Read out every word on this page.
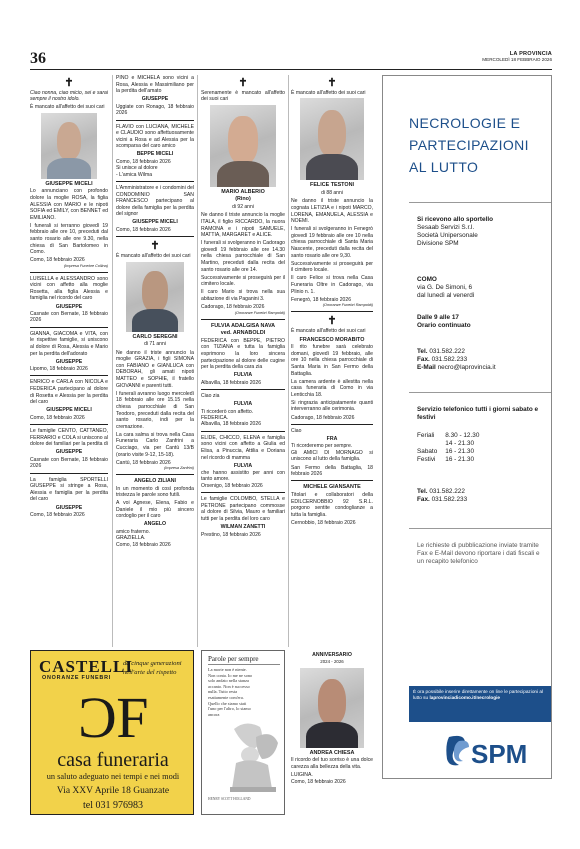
36	LA PROVINCIA
MERCOLEDÌ 18 FEBBRAIO 2026
✝

Ciao nonna, ciao micio, sei e sarai sempre il nostro idolo.

È mancato all'affetto dei suoi cari

GIUSEPPE MICELI

Lo annunciano con profondo dolore la moglie ROSA, la figlia ALESSIA con MARIO e le nipoti SOFIA ed EMILY, con BENNET ed EMILIANO.

I funerali si terranno giovedì 19 febbraio alle ore 10, preceduti dal santo rosario alle ore 9.30, nella chiesa di San Bartolomeo in Como.

Como, 18 febbraio 2026
(Impresa Funebre Collina)

LUISELLA e ALESSANDRO sono vicini con affetto alla moglie Rosetta, alla figlia Alessia e famiglia nel ricordo del caro

GIUSEPPE
Casnate con Bernate, 18 febbraio 2026

GIANNA, GIACOMA e VITA, con le rispettive famiglie, si uniscono al dolore di Rosa, Alessia e Mario per la perdita dell'adorato

GIUSEPPE
Lipomo, 18 febbraio 2026

ENRICO e CARLA con NICOLA e FEDERICA partecipano al dolore di Rosetta e Alessia per la perdita del caro

GIUSEPPE MICELI
Como, 18 febbraio 2026

Le famiglie CENTO, CATTANEO, FERRARIO e COLA si uniscono al dolore dei familiari per la perdita di

GIUSEPPE
Casnate con Bernate, 18 febbraio 2026

La famiglia SPORTELLI GIUSEPPE si stringe a Rosa, Alessia e famiglia per la perdita del caro

GIUSEPPE
Como, 18 febbraio 2026

PINO e MICHELA sono vicini a Rosa, Alessia e Massimiliano per la perdita dell'amato

GIUSEPPE
Uggiate con Ronago, 18 febbraio 2026

FLAVIO con LUCIANA, MICHELE e CLAUDIO sono affettuosamente vicini a Rosa e ad Alessia per la scomparsa del caro amico

BEPPE MICELI
Como, 18 febbraio 2026
Si unisce al dolore
- L'amica Wilma

L'Amministratore e i condomini del CONDOMINIO SAN FRANCESCO partecipano al dolore della famiglia per la perdita del signor

GIUSEPPE MICELI
Como, 18 febbraio 2026
✝

È mancato all'affetto dei suoi cari

CARLO SEREGNI
di 71 anni

Ne danno il triste annuncio la moglie GRAZIA, i figli SIMONA con FABIANO e GIANLUCA con DEBORAH, gli amati nipoti MATTEO e SOPHIE, il fratello GIOVANNI e parenti tutti.

I funerali avranno luogo mercoledì 18 febbraio alle ore 15.15 nella chiesa parrocchiale di San Teodoro, preceduti dalla recita del santo rosario, indi per la cremazione.

La cara salma si trova nella Casa Funeraria Carlo Zanfrini a Cucciago, via per Cantù 13/B (orario visite 9-12, 15-18).

Cantù, 18 febbraio 2026
(Impresa Zanfrini)
ANGELO ZILIANI

In un momento di così profonda tristezza le parole sono futili.

A voi Agnese, Elena, Fabio e Daniele il mio più sincero cordoglio per il caro

ANGELO
amico fraterno.
GRAZIELLA.
Como, 18 febbraio 2026
✝

Serenamente è mancato all'affetto dei suoi cari

MARIO ALBERIO
(Rino)
di 92 anni

Ne danno il triste annuncio la moglie ITALA, il figlio RICCARDO, la nuora RAMONA e i nipoti SAMUELE, MATTIA, MARGARET e ALICE.

I funerali si svolgeranno in Cadorago giovedì 19 febbraio alle ore 14.30 nella chiesa parrocchiale di San Martino, preceduti dalla recita del santo rosario alle ore 14.

Successivamente si proseguirà per il cimitero locale.

Il caro Mario si trova nella sua abitazione di via Paganini 3.

Cadorago, 18 febbraio 2026
(Onoranze Funebri Rampoldi)
FULVIA ADALGISA NAVA
ved. ARNABOLDI

FEDERICA con BEPPE, PIETRO con TIZIANA e tutta la famiglia esprimono la loro sincera partecipazione al dolore delle cugine per la perdita della cara zia

FULVIA
Albavilla, 18 febbraio 2026

Ciao zia

FULVIA
Ti ricorderò con affetto.
FEDERICA.
Albavilla, 18 febbraio 2026

ELIDE, CHICCO, ELENA e famiglia sono vicini con affetto a Giulia ed Elisa, a Pinuccia, Attilia e Doriana nel ricordo di mamma

FULVIA
che hanno assistito per anni con tanto amore.
Orsenigo, 18 febbraio 2026

Le famiglie COLOMBO, STELLA e PETRONE partecipano commosse al dolore di Silvia, Mauro e familiari tutti per la perdita del loro caro

WILMAN ZANETTI
Prestino, 18 febbraio 2026
✝

È mancato all'affetto dei suoi cari

FELICE TESTONI
di 88 anni

Ne danno il triste annuncio la cognata LETIZIA e i nipoti MARCO, LORENA, EMANUELA, ALESSIA e NOEMI.

I funerali si svolgeranno in Fenegrò giovedì 19 febbraio alle ore 10 nella chiesa parrocchiale di Santa Maria Nascente, preceduti dalla recita del santo rosario alle ore 9,30.

Successivamente si proseguirà per il cimitero locale.

Il caro Felice si trova nella Casa Funeraria Oltre in Cadorago, via Plinio n. 1.

Fenegrò, 18 febbraio 2026
(Onoranze Funebri Rampoldi)
✝

È mancato all'affetto dei suoi cari

FRANCESCO MORABITO

Il rito funebre sarà celebrato domani, giovedì 19 febbraio, alle ore 10 nella chiesa parrocchiale di Santa Maria in San Fermo della Battaglia.

La camera ardente è allestita nella casa funeraria di Como in via Lenticchia 18.

Si ringrazia anticipatamente quanti interverranno alle cerimonia.

Cadorago, 18 febbraio 2026

Ciao

FRA
Ti ricorderemo per sempre.

Gli AMICI DI MORNAGO si uniscono al lutto della famiglia.

San Fermo della Battaglia, 18 febbraio 2026
MICHELE GIANSANTE

Titolari e collaboratori della EDILCERNOBBIO 92 S.R.L. porgono sentite condoglianze a tutta la famiglia.

Cernobbio, 18 febbraio 2026
CASTELLI
ONORANZE FUNEBRI
da cinque generazioni
nell'arte del rispetto
CF
casa funeraria
un saluto adeguato nei tempi e nei modi
Via XXV Aprile 18 Guanzate
tel 031 976983
Parole per sempre
La morte non è niente. Non conta. Io me ne sono solo andato nella stanza accanto. Non è successo nulla. Tutto resta esattamente com'era. Quello che siamo stati l'uno per l'altro, lo siamo ancora
HENRY SCOTT HOLLAND
ANNIVERSARIO
2024 - 2026
ANDREA CHIESA

Il ricordo del tuo sorriso è una dolce carezza alla bellezza della vita.

LUIGINA.
Como, 18 febbraio 2026
NECROLOGIE E
PARTECIPAZIONI
AL LUTTO
Si ricevono allo sportello
Sesaab Servizi S.r.l.
Società Unipersonale
Divisione SPM
COMO
via G. De Simoni, 6
dal lunedì al venerdì
Dalle 9 alle 17
Orario continuato
Tel. 031.582.222
Fax. 031.582.233
E-Mail necro@laprovincia.it
Servizio telefonico tutti i giorni sabato e festivi
Feriali	8.30 - 12.30
	14 - 21.30
Sabato	16 - 21.30
Festivi	16 - 21.30
Tel. 031.582.222
Fax. 031.582.233
Le richieste di pubblicazione inviate tramite Fax e E-Mail devono riportare i dati fiscali e un recapito telefonico
È ora possibile inserire direttamente on line le partecipazioni al lutto su laprovinciadicomo.it/necrologie
SPM
